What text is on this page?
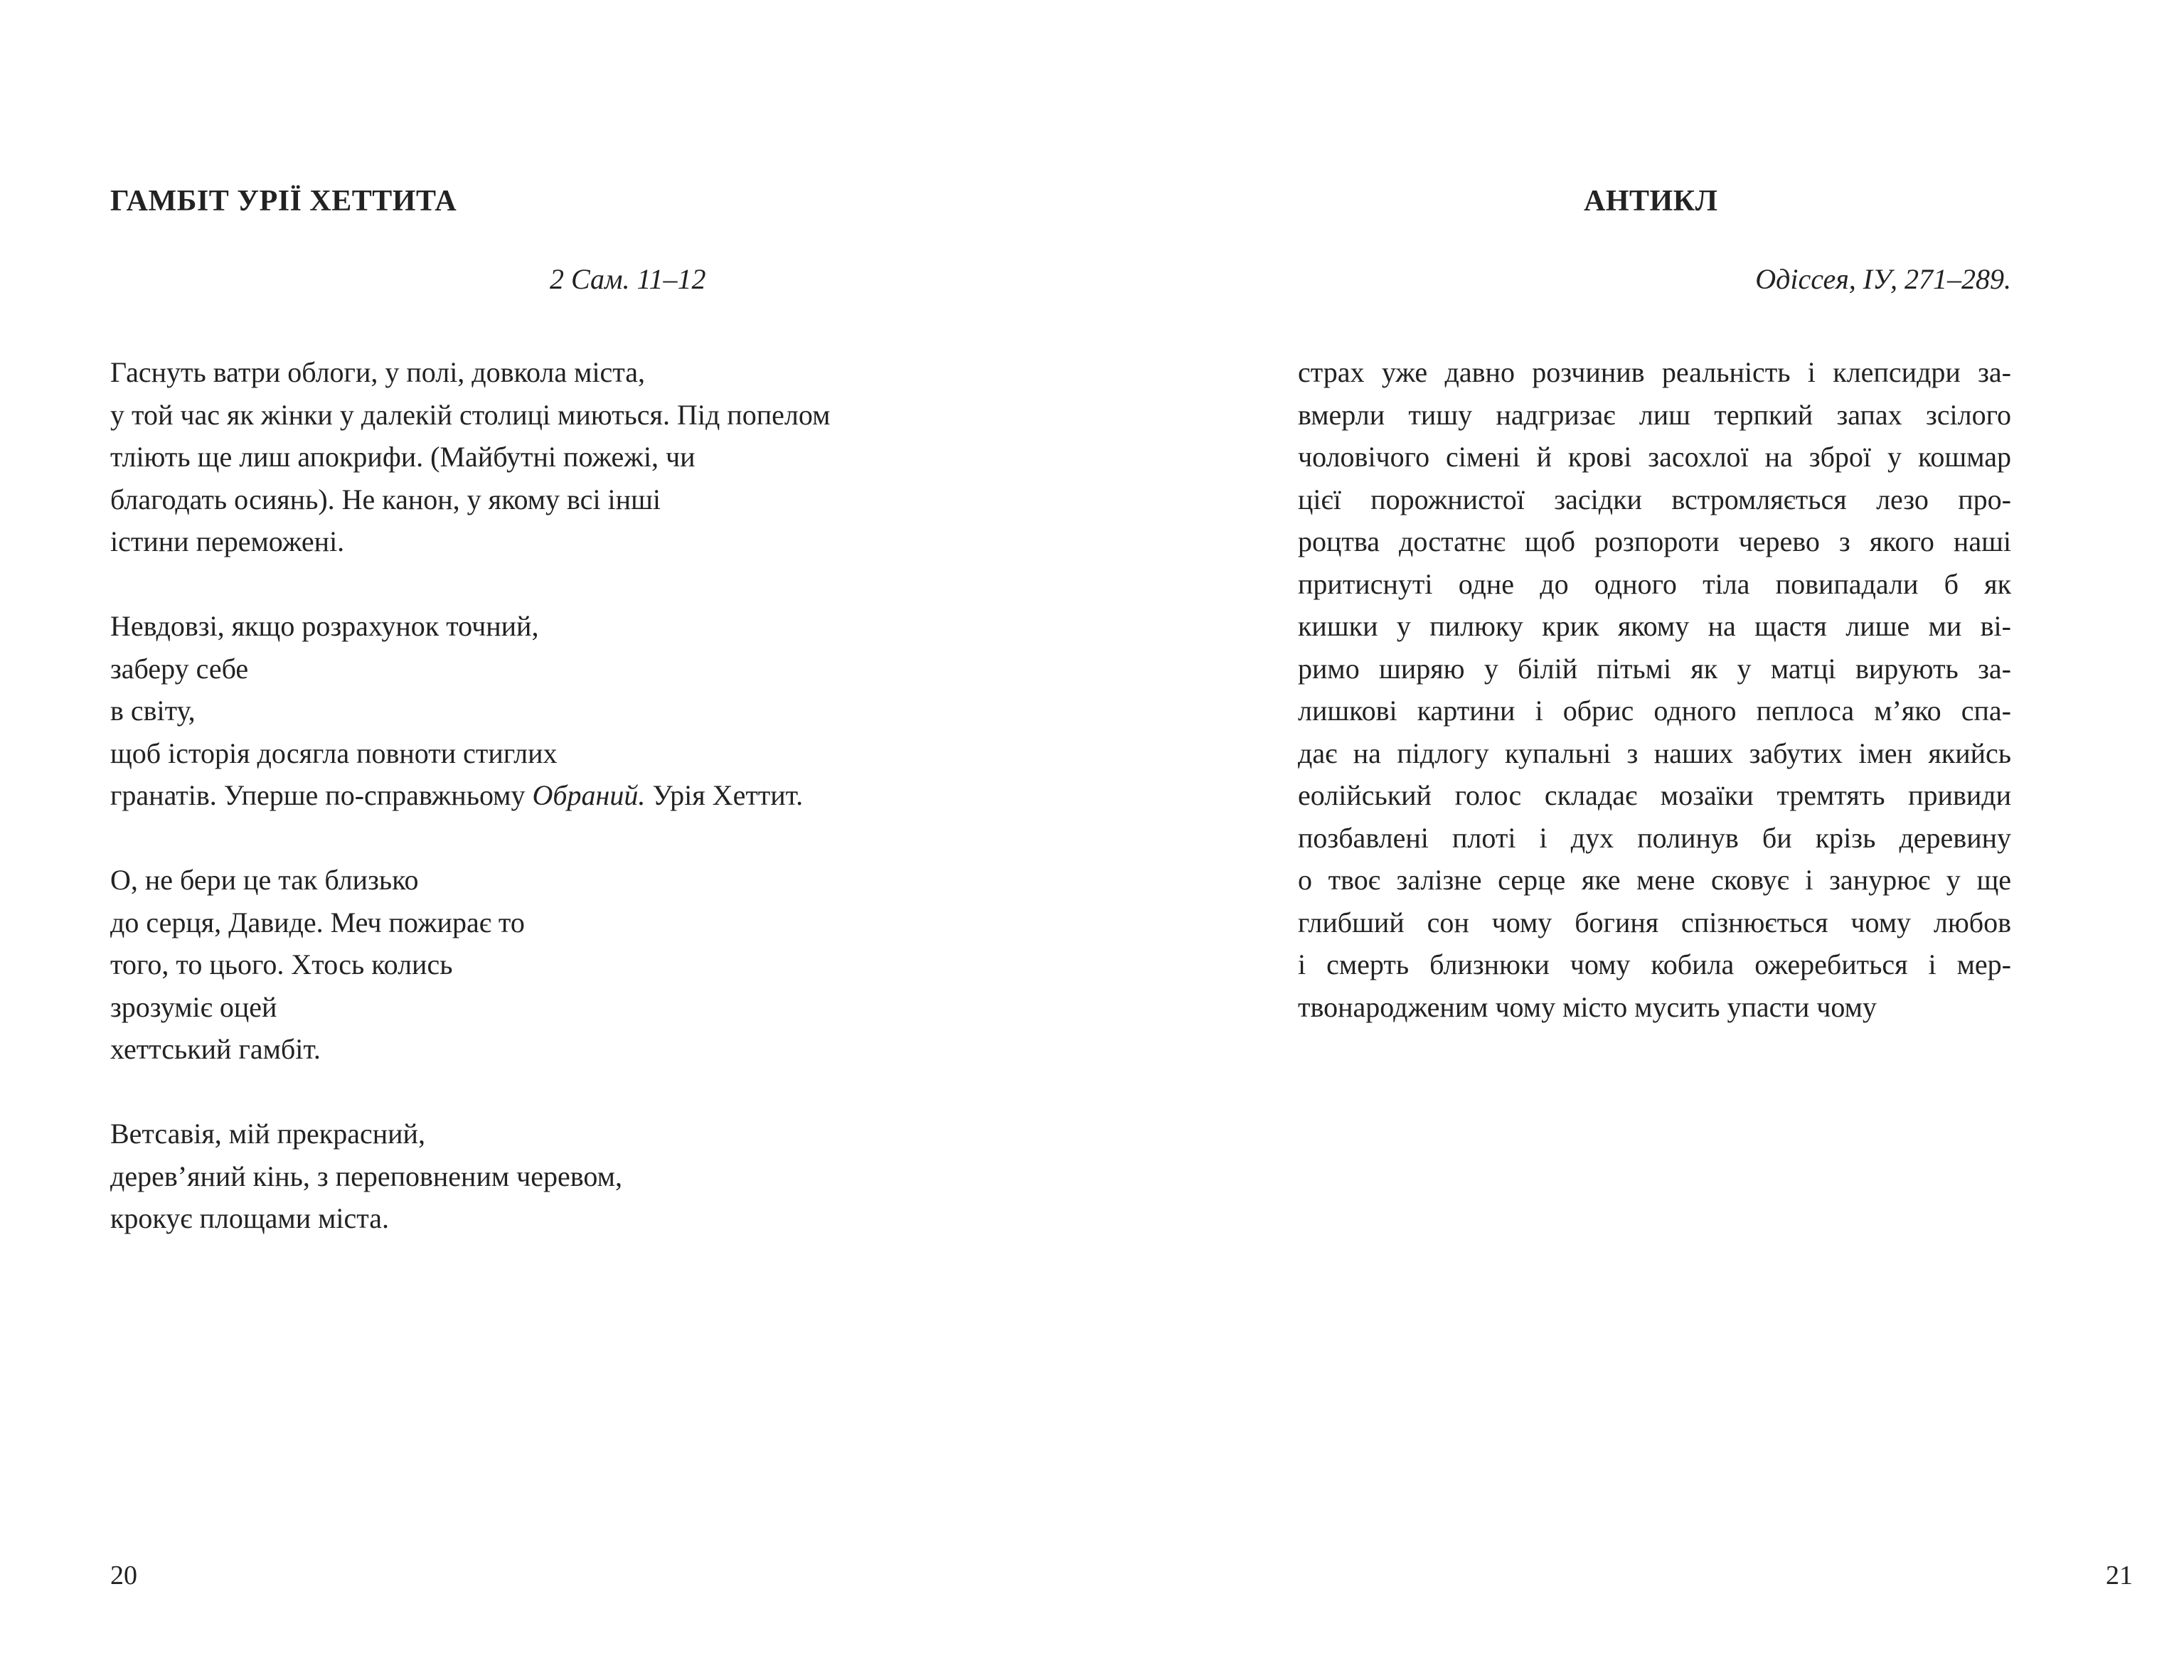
ГАМБІТ УРІЇ ХЕТТИТА

2 Сам. 11–12

Гаснуть ватри облоги, у полі, довкола міста,
у той час як жінки у далекій столиці миються. Під попелом
тліють ще лиш апокрифи. (Майбутні пожежі, чи
благодать осиянь). Не канон, у якому всі інші
істини переможені.

Невдовзі, якщо розрахунок точний,
заберу себе
в світу,
щоб історія досягла повноти стиглих
гранатів. Уперше по-справжньому Обраний. Урія Хеттит.

О, не бери це так близько
до серця, Давиде. Меч пожирає то
того, то цього. Хтось колись
зрозуміє оцей
хеттський гамбіт.

Ветсавія, мій прекрасний,
дерев’яний кінь, з переповненим черевом,
крокує площами міста.

20

АНТИКЛ

Одіссея, ІУ, 271–289.

страх уже давно розчинив реальність і клепсидри за-
вмерли тишу надгризає лиш терпкий запах зсілого
чоловічого сімені й крові засохлої на зброї у кошмар
цієї порожнистої засідки встромляється лезо про-
роцтва достатнє щоб розпороти черево з якого наші
притиснуті одне до одного тіла повипадали б як
кишки у пилюку крик якому на щастя лише ми ві-
римо ширяю у білій пітьмі як у матці вирують за-
лишкові картини і обрис одного пеплоса м’яко спа-
дає на підлогу купальні з наших забутих імен якийсь
еолійський голос складає мозаїки тремтять привиди
позбавлені плоті і дух полинув би крізь деревину
о твоє залізне серце яке мене сковує і занурює у ще
глибший сон чому богиня спізнюється чому любов
і смерть близнюки чому кобила ожеребиться і мер-
твонародженим чому місто мусить упасти чому

21
